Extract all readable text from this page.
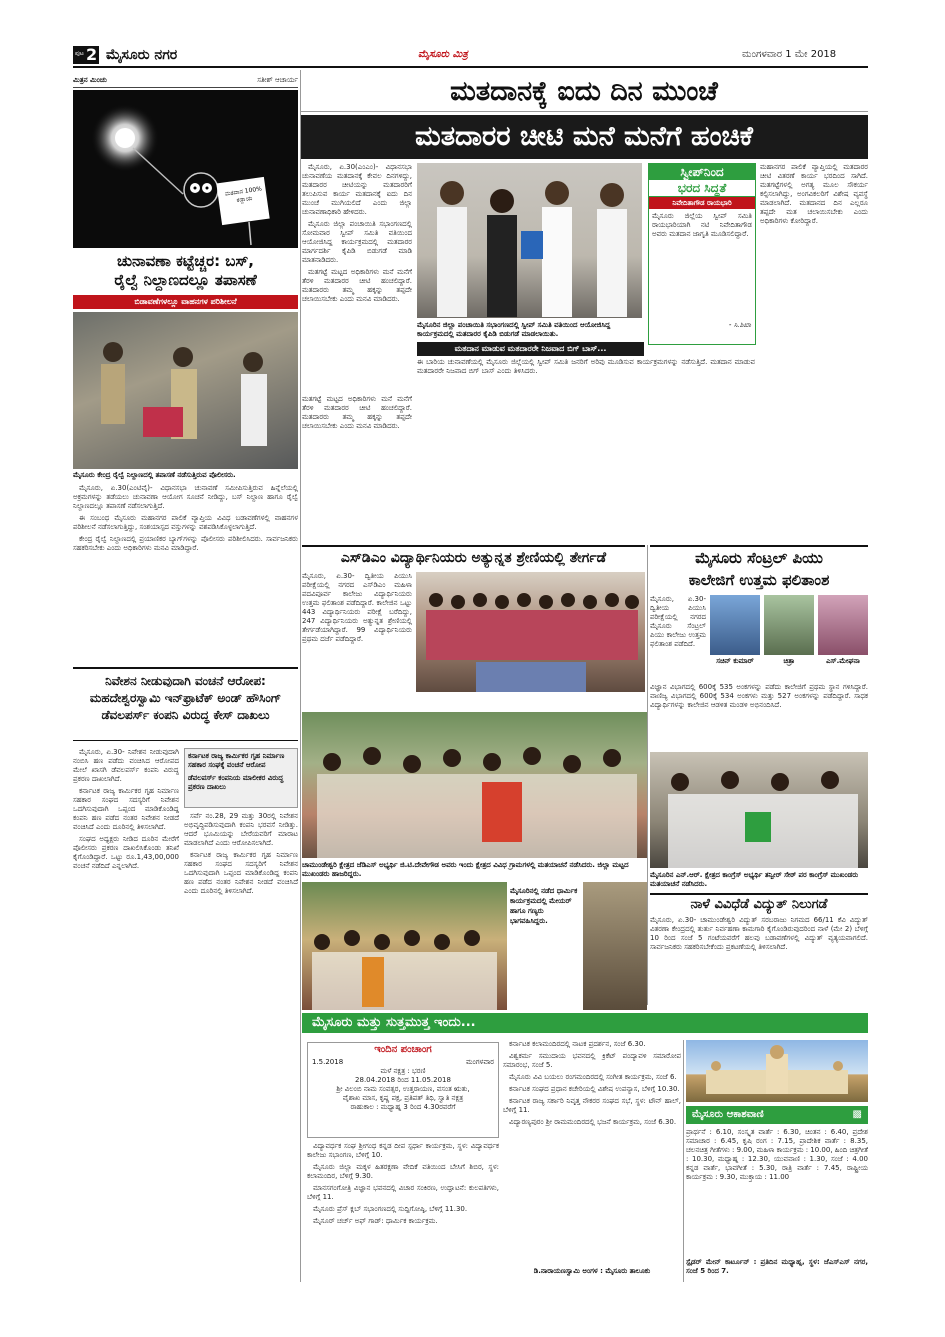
ಪುಟ 2 ಮೈಸೂರು ನಗರ	ಮೈಸೂರು ಮಿತ್ರ	ಮಂಗಳವಾರ 1 ಮೇ 2018
ಮಿತ್ರನ ಮಿಂಚು	ಸತೀಶ್ ಆಚಾರ್ಯ
ಮತದಾನ 100% ಕಡ್ಡಾಯ
ಚುನಾವಣಾ ಕಟ್ಟೆಚ್ಚರ: ಬಸ್,
ರೈಲ್ವೆ ನಿಲ್ದಾಣದಲ್ಲೂ ತಪಾಸಣೆ
ಬಿಡಾವಣೆಗಳಲ್ಲೂ ವಾಹನಗಳ ಪರಿಶೀಲನೆ
ಮೈಸೂರು ಕೇಂದ್ರ ರೈಲ್ವೆ ನಿಲ್ದಾಣದಲ್ಲಿ ತಪಾಸಣೆ ನಡೆಸುತ್ತಿರುವ ಪೊಲೀಸರು.

ಮೈಸೂರು, ಏ.30(ಎಂಟಿವೈ)- ವಿಧಾನಸಭಾ ಚುನಾವಣೆ ಸಮೀಪಿಸುತ್ತಿರುವ ಹಿನ್ನೆಲೆಯಲ್ಲಿ ಅಕ್ರಮಗಳನ್ನು ತಡೆಯಲು ಚುನಾವಣಾ ಆಯೋಗ ಸೂಚನೆ ನೀಡಿದ್ದು, ಬಸ್ ನಿಲ್ದಾಣ ಹಾಗೂ ರೈಲ್ವೆ ನಿಲ್ದಾಣದಲ್ಲೂ ತಪಾಸಣೆ ನಡೆಸಲಾಗುತ್ತಿದೆ.

ಈ ಸಂಬಂಧ ಮೈಸೂರು ಮಹಾನಗರ ಪಾಲಿಕೆ ವ್ಯಾಪ್ತಿಯ ವಿವಿಧ ಬಡಾವಣೆಗಳಲ್ಲಿ ವಾಹನಗಳ ಪರಿಶೀಲನೆ ನಡೆಸಲಾಗುತ್ತಿದ್ದು, ಸಂಶಯಾಸ್ಪದ ವಸ್ತುಗಳನ್ನು ವಶಪಡಿಸಿಕೊಳ್ಳಲಾಗುತ್ತಿದೆ.

ಕೇಂದ್ರ ರೈಲ್ವೆ ನಿಲ್ದಾಣದಲ್ಲಿ ಪ್ರಯಾಣಿಕರ ಬ್ಯಾಗ್‌ಗಳನ್ನು ಪೊಲೀಸರು ಪರಿಶೀಲಿಸಿದರು. ಸಾರ್ವಜನಿಕರು ಸಹಕರಿಸಬೇಕು ಎಂದು ಅಧಿಕಾರಿಗಳು ಮನವಿ ಮಾಡಿದ್ದಾರೆ.

ಮತದಾನಕ್ಕೆ ಐದು ದಿನ ಮುಂಚೆ
ಮತದಾರರ ಚೀಟಿ ಮನೆ ಮನೆಗೆ ಹಂಚಿಕೆ

ಮೈಸೂರು, ಏ.30(ಎಂಎಂ)- ವಿಧಾನಸಭಾ ಚುನಾವಣೆಯ ಮತದಾನಕ್ಕೆ ಕೇವಲ ದಿನಗಳಿದ್ದು, ಮತದಾರರ ಚೀಟಿಯನ್ನು ಮತದಾರರಿಗೆ ತಲುಪಿಸುವ ಕಾರ್ಯ ಮತದಾನಕ್ಕೆ ಐದು ದಿನ ಮುಂಚೆ ಮುಗಿಯಲಿದೆ ಎಂದು ಜಿಲ್ಲಾ ಚುನಾವಣಾಧಿಕಾರಿ ಹೇಳಿದರು.

ಮೈಸೂರು ಜಿಲ್ಲಾ ಪಂಚಾಯಿತಿ ಸಭಾಂಗಣದಲ್ಲಿ ಸೋಮವಾರ ಸ್ವೀಪ್ ಸಮಿತಿ ವತಿಯಿಂದ ಆಯೋಜಿಸಿದ್ದ ಕಾರ್ಯಕ್ರಮದಲ್ಲಿ ಮತದಾರರ ಮಾರ್ಗದರ್ಶಿ ಕೈಪಿಡಿ ಬಿಡುಗಡೆ ಮಾಡಿ ಮಾತನಾಡಿದರು.

ಮತಗಟ್ಟೆ ಮಟ್ಟದ ಅಧಿಕಾರಿಗಳು ಮನೆ ಮನೆಗೆ ತೆರಳಿ ಮತದಾರರ ಚೀಟಿ ಹಂಚಲಿದ್ದಾರೆ. ಮತದಾರರು ತಮ್ಮ ಹಕ್ಕನ್ನು ತಪ್ಪದೇ ಚಲಾಯಿಸಬೇಕು ಎಂದು ಮನವಿ ಮಾಡಿದರು.

ಮೈಸೂರಿನ ಜಿಲ್ಲಾ ಪಂಚಾಯಿತಿ ಸಭಾಂಗಣದಲ್ಲಿ ಸ್ವೀಪ್ ಸಮಿತಿ ವತಿಯಿಂದ ಆಯೋಜಿಸಿದ್ದ ಕಾರ್ಯಕ್ರಮದಲ್ಲಿ ಮತದಾರರ ಕೈಪಿಡಿ ಬಿಡುಗಡೆ ಮಾಡಲಾಯಿತು.
ಸ್ವೀಪ್‌ನಿಂದ
ಭರದ ಸಿದ್ಧತೆ
ನಿವೇದಿತಾಗೌಡ ರಾಯಭಾರಿ
ಮೈಸೂರು ಜಿಲ್ಲೆಯ ಸ್ವೀಪ್ ಸಮಿತಿ ರಾಯಭಾರಿಯಾಗಿ ನಟಿ ನಿವೇದಿತಾಗೌಡ ಅವರು ಮತದಾನ ಜಾಗೃತಿ ಮೂಡಿಸಲಿದ್ದಾರೆ.
- ಸಿ.ಶಿಖಾ
ಮಹಾನಗರ ಪಾಲಿಕೆ ವ್ಯಾಪ್ತಿಯಲ್ಲಿ ಮತದಾರರ ಚೀಟಿ ವಿತರಣೆ ಕಾರ್ಯ ಭರದಿಂದ ಸಾಗಿದೆ. ಮತಗಟ್ಟೆಗಳಲ್ಲಿ ಅಗತ್ಯ ಮೂಲ ಸೌಕರ್ಯ ಕಲ್ಪಿಸಲಾಗಿದ್ದು, ಅಂಗವಿಕಲರಿಗೆ ವಿಶೇಷ ವ್ಯವಸ್ಥೆ ಮಾಡಲಾಗಿದೆ. ಮತದಾನದ ದಿನ ಎಲ್ಲರೂ ತಪ್ಪದೇ ಮತ ಚಲಾಯಿಸಬೇಕು ಎಂದು ಅಧಿಕಾರಿಗಳು ಕೋರಿದ್ದಾರೆ.
ಮತದಾನ ಮಾಡುವ ಮತದಾರರೇ ನಿಜವಾದ ಬಿಗ್ ಬಾಸ್...
ಈ ಬಾರಿಯ ಚುನಾವಣೆಯಲ್ಲಿ ಮೈಸೂರು ಜಿಲ್ಲೆಯಲ್ಲಿ ಸ್ವೀಪ್ ಸಮಿತಿ ಜನರಿಗೆ ಅರಿವು ಮೂಡಿಸುವ ಕಾರ್ಯಕ್ರಮಗಳನ್ನು ನಡೆಸುತ್ತಿದೆ. ಮತದಾನ ಮಾಡುವ ಮತದಾರರೇ ನಿಜವಾದ ಬಿಗ್ ಬಾಸ್ ಎಂದು ತಿಳಿಸಿದರು.
ಮತಗಟ್ಟೆ ಮಟ್ಟದ ಅಧಿಕಾರಿಗಳು ಮನೆ ಮನೆಗೆ ತೆರಳಿ ಮತದಾರರ ಚೀಟಿ ಹಂಚಲಿದ್ದಾರೆ. ಮತದಾರರು ತಮ್ಮ ಹಕ್ಕನ್ನು ತಪ್ಪದೇ ಚಲಾಯಿಸಬೇಕು ಎಂದು ಮನವಿ ಮಾಡಿದರು.
ಎಸ್‌ಡಿಎಂ ವಿದ್ಯಾರ್ಥಿನಿಯರು ಅತ್ಯುನ್ನತ ಶ್ರೇಣಿಯಲ್ಲಿ ತೇರ್ಗಡೆ
ಮೈಸೂರು, ಏ.30- ದ್ವಿತೀಯ ಪಿಯುಸಿ ಪರೀಕ್ಷೆಯಲ್ಲಿ ನಗರದ ಎಸ್‌ಡಿಎಂ ಮಹಿಳಾ ಪದವಿಪೂರ್ವ ಕಾಲೇಜು ವಿದ್ಯಾರ್ಥಿನಿಯರು ಉತ್ತಮ ಫಲಿತಾಂಶ ಪಡೆದಿದ್ದಾರೆ. ಕಾಲೇಜಿನ ಒಟ್ಟು 443 ವಿದ್ಯಾರ್ಥಿನಿಯರು ಪರೀಕ್ಷೆ ಬರೆದಿದ್ದು, 247 ವಿದ್ಯಾರ್ಥಿನಿಯರು ಅತ್ಯುನ್ನತ ಶ್ರೇಣಿಯಲ್ಲಿ ತೇರ್ಗಡೆಯಾಗಿದ್ದಾರೆ. 99 ವಿದ್ಯಾರ್ಥಿನಿಯರು ಪ್ರಥಮ ದರ್ಜೆ ಪಡೆದಿದ್ದಾರೆ.
ಮೈಸೂರು ಸೆಂಟ್ರಲ್ ಪಿಯು
ಕಾಲೇಜಿಗೆ ಉತ್ತಮ ಫಲಿತಾಂಶ
ಮೈಸೂರು, ಏ.30- ದ್ವಿತೀಯ ಪಿಯುಸಿ ಪರೀಕ್ಷೆಯಲ್ಲಿ ನಗರದ ಮೈಸೂರು ಸೆಂಟ್ರಲ್ ಪಿಯು ಕಾಲೇಜು ಉತ್ತಮ ಫಲಿತಾಂಶ ಪಡೆದಿದೆ.
ಸಚಿನ್ ಕುಮಾರ್	ಚಿತ್ರಾ	ಎಸ್.ಮೇಘನಾ
ವಿಜ್ಞಾನ ವಿಭಾಗದಲ್ಲಿ 600ಕ್ಕೆ 535 ಅಂಕಗಳನ್ನು ಪಡೆದು ಕಾಲೇಜಿಗೆ ಪ್ರಥಮ ಸ್ಥಾನ ಗಳಿಸಿದ್ದಾರೆ. ವಾಣಿಜ್ಯ ವಿಭಾಗದಲ್ಲಿ 600ಕ್ಕೆ 534 ಅಂಕಗಳು ಮತ್ತು 527 ಅಂಕಗಳನ್ನು ಪಡೆದಿದ್ದಾರೆ. ಸಾಧಕ ವಿದ್ಯಾರ್ಥಿಗಳನ್ನು ಕಾಲೇಜಿನ ಆಡಳಿತ ಮಂಡಳಿ ಅಭಿನಂದಿಸಿದೆ.
ನಿವೇಶನ ನೀಡುವುದಾಗಿ ವಂಚನೆ ಆರೋಪ:
ಮಹದೇಶ್ವರಸ್ವಾಮಿ ಇನ್‌ಫ್ರಾಟೆಕ್ ಅಂಡ್ ಹೌಸಿಂಗ್
ಡೆವಲಪರ್ಸ್ ಕಂಪನಿ ವಿರುದ್ಧ ಕೇಸ್ ದಾಖಲು

ಮೈಸೂರು, ಏ.30- ನಿವೇಶನ ನೀಡುವುದಾಗಿ ನಂಬಿಸಿ ಹಣ ಪಡೆದು ವಂಚಿಸಿದ ಆರೋಪದ ಮೇಲೆ ಖಾಸಗಿ ಡೆವಲಪರ್ಸ್ ಕಂಪನಿ ವಿರುದ್ಧ ಪ್ರಕರಣ ದಾಖಲಾಗಿದೆ.

ಕರ್ನಾಟಕ ರಾಜ್ಯ ಕಾರ್ಮಿಕರ ಗೃಹ ನಿರ್ಮಾಣ ಸಹಕಾರ ಸಂಘದ ಸದಸ್ಯರಿಗೆ ನಿವೇಶನ ಒದಗಿಸುವುದಾಗಿ ಒಪ್ಪಂದ ಮಾಡಿಕೊಂಡಿದ್ದ ಕಂಪನಿ ಹಣ ಪಡೆದ ನಂತರ ನಿವೇಶನ ನೀಡದೆ ವಂಚಿಸಿದೆ ಎಂದು ದೂರಿನಲ್ಲಿ ತಿಳಿಸಲಾಗಿದೆ.

ಸಂಘದ ಅಧ್ಯಕ್ಷರು ನೀಡಿದ ದೂರಿನ ಮೇರೆಗೆ ಪೊಲೀಸರು ಪ್ರಕರಣ ದಾಖಲಿಸಿಕೊಂಡು ತನಿಖೆ ಕೈಗೊಂಡಿದ್ದಾರೆ. ಒಟ್ಟು ರೂ.1,43,00,000 ವಂಚನೆ ನಡೆದಿದೆ ಎನ್ನಲಾಗಿದೆ.

ಕರ್ನಾಟಕ ರಾಜ್ಯ ಕಾರ್ಮಿಕರ ಗೃಹ ನಿರ್ಮಾಣ ಸಹಕಾರ ಸಂಘಕ್ಕೆ ವಂಚನೆ ಆರೋಪ
ಡೆವಲಪರ್ಸ್ ಕಂಪನಿಯ ಮಾಲೀಕರ ವಿರುದ್ಧ ಪ್ರಕರಣ ದಾಖಲು

ಸರ್ವೆ ನಂ.28, 29 ಮತ್ತು 30ರಲ್ಲಿ ನಿವೇಶನ ಅಭಿವೃದ್ಧಿಪಡಿಸುವುದಾಗಿ ಕಂಪನಿ ಭರವಸೆ ನೀಡಿತ್ತು. ಆದರೆ ಭೂಮಿಯನ್ನು ಬೇರೆಯವರಿಗೆ ಮಾರಾಟ ಮಾಡಲಾಗಿದೆ ಎಂದು ಆರೋಪಿಸಲಾಗಿದೆ.

ಕರ್ನಾಟಕ ರಾಜ್ಯ ಕಾರ್ಮಿಕರ ಗೃಹ ನಿರ್ಮಾಣ ಸಹಕಾರ ಸಂಘದ ಸದಸ್ಯರಿಗೆ ನಿವೇಶನ ಒದಗಿಸುವುದಾಗಿ ಒಪ್ಪಂದ ಮಾಡಿಕೊಂಡಿದ್ದ ಕಂಪನಿ ಹಣ ಪಡೆದ ನಂತರ ನಿವೇಶನ ನೀಡದೆ ವಂಚಿಸಿದೆ ಎಂದು ದೂರಿನಲ್ಲಿ ತಿಳಿಸಲಾಗಿದೆ.

ಚಾಮುಂಡೇಶ್ವರಿ ಕ್ಷೇತ್ರದ ಜೆಡಿಎಸ್ ಅಭ್ಯರ್ಥಿ ಜಿ.ಟಿ.ದೇವೇಗೌಡ ಅವರು ಇಂದು ಕ್ಷೇತ್ರದ ವಿವಿಧ ಗ್ರಾಮಗಳಲ್ಲಿ ಮತಯಾಚನೆ ನಡೆಸಿದರು. ಜಿಲ್ಲಾ ಮಟ್ಟದ ಮುಖಂಡರು ಹಾಜರಿದ್ದರು.	ಮೈಸೂರಿನ ಎನ್.ಆರ್. ಕ್ಷೇತ್ರದ ಕಾಂಗ್ರೆಸ್ ಅಭ್ಯರ್ಥಿ ತನ್ವೀರ್ ಸೇಠ್ ಪರ ಕಾಂಗ್ರೆಸ್ ಮುಖಂಡರು ಮತಯಾಚನೆ ನಡೆಸಿದರು.
ನಾಳೆ ವಿವಿಧೆಡೆ ವಿದ್ಯುತ್ ನಿಲುಗಡೆ
ಮೈಸೂರು, ಏ.30- ಚಾಮುಂಡೇಶ್ವರಿ ವಿದ್ಯುತ್ ಸರಬರಾಜು ನಿಗಮದ 66/11 ಕೆವಿ ವಿದ್ಯುತ್ ವಿತರಣಾ ಕೇಂದ್ರದಲ್ಲಿ ತುರ್ತು ನಿರ್ವಹಣಾ ಕಾಮಗಾರಿ ಕೈಗೊಂಡಿರುವುದರಿಂದ ನಾಳೆ (ಮೇ 2) ಬೆಳಿಗ್ಗೆ 10 ರಿಂದ ಸಂಜೆ 5 ಗಂಟೆಯವರೆಗೆ ಹಲವು ಬಡಾವಣೆಗಳಲ್ಲಿ ವಿದ್ಯುತ್ ವ್ಯತ್ಯಯವಾಗಲಿದೆ. ಸಾರ್ವಜನಿಕರು ಸಹಕರಿಸಬೇಕೆಂದು ಪ್ರಕಟಣೆಯಲ್ಲಿ ತಿಳಿಸಲಾಗಿದೆ.
ಮೈಸೂರಿನಲ್ಲಿ ನಡೆದ ಧಾರ್ಮಿಕ ಕಾರ್ಯಕ್ರಮದಲ್ಲಿ ಮೇಯರ್ ಹಾಗೂ ಗಣ್ಯರು ಭಾಗವಹಿಸಿದ್ದರು.
ಮೈಸೂರು ಮತ್ತು ಸುತ್ತಮುತ್ತ ಇಂದು...
ಇಂದಿನ ಪಂಚಾಂಗ
1.5.2018	ಮಂಗಳವಾರ
ಮಳೆ ನಕ್ಷತ್ರ : ಭರಣಿ
28.04.2018 ರಿಂದ 11.05.2018
ಶ್ರೀ ವಿಲಂಬಿ ನಾಮ ಸಂವತ್ಸರ, ಉತ್ತರಾಯಣ, ವಸಂತ ಋತು,
ವೈಶಾಖ ಮಾಸ, ಕೃಷ್ಣ ಪಕ್ಷ, ಪ್ರತಿಪತ್ ತಿಥಿ, ಸ್ವಾತಿ ನಕ್ಷತ್ರ
ರಾಹುಕಾಲ : ಮಧ್ಯಾಹ್ನ 3 ರಿಂದ 4.30ರವರೆಗೆ

ವಿದ್ಯಾವರ್ಧಕ ಸಂಘ ಶ್ರೀಗಂಧ ಕನ್ನಡ ದೀಪ ಸ್ಪರ್ಧಾ ಕಾರ್ಯಕ್ರಮ, ಸ್ಥಳ: ವಿದ್ಯಾವರ್ಧಕ ಕಾಲೇಜು ಸಭಾಂಗಣ, ಬೆಳಿಗ್ಗೆ 10.

ಮೈಸೂರು ಜಿಲ್ಲಾ ಮಕ್ಕಳ ಹಿತರಕ್ಷಣಾ ವೇದಿಕೆ ವತಿಯಿಂದ ಬೇಸಿಗೆ ಶಿಬಿರ, ಸ್ಥಳ: ಕಲಾಮಂದಿರ, ಬೆಳಿಗ್ಗೆ 9.30.

ಮಾನಸಗಂಗೋತ್ರಿ ವಿಜ್ಞಾನ ಭವನದಲ್ಲಿ ವಿಚಾರ ಸಂಕಿರಣ, ಉದ್ಘಾಟನೆ: ಕುಲಪತಿಗಳು, ಬೆಳಿಗ್ಗೆ 11.

ಮೈಸೂರು ಪ್ರೆಸ್ ಕ್ಲಬ್ ಸಭಾಂಗಣದಲ್ಲಿ ಸುದ್ದಿಗೋಷ್ಠಿ, ಬೆಳಿಗ್ಗೆ 11.30.

ಮೈಸೂರ್ ಚರ್ಚ್ ಅಫ್ ಗಾಡ್: ಧಾರ್ಮಿಕ ಕಾರ್ಯಕ್ರಮ.

ಕರ್ನಾಟಕ ಕಲಾಮಂದಿರದಲ್ಲಿ ನಾಟಕ ಪ್ರದರ್ಶನ, ಸಂಜೆ 6.30.

ವಿಶ್ವಕರ್ಮ ಸಮುದಾಯ ಭವನದಲ್ಲಿ ಕ್ರಿಕೆಟ್ ಪಂದ್ಯಾವಳಿ ಸಮಾರೋಪ ಸಮಾರಂಭ, ಸಂಜೆ 5.

ಮೈಸೂರು ವಿವಿ ಬಯಲು ರಂಗಮಂದಿರದಲ್ಲಿ ಸಂಗೀತ ಕಾರ್ಯಕ್ರಮ, ಸಂಜೆ 6.

ಕರ್ನಾಟಕ ಸಂಘದ ಪ್ರಧಾನ ಕಚೇರಿಯಲ್ಲಿ ವಿಶೇಷ ಉಪನ್ಯಾಸ, ಬೆಳಿಗ್ಗೆ 10.30.

ಕರ್ನಾಟಕ ರಾಜ್ಯ ಸರ್ಕಾರಿ ನಿವೃತ್ತ ನೌಕರರ ಸಂಘದ ಸಭೆ, ಸ್ಥಳ: ಟೌನ್ ಹಾಲ್, ಬೆಳಿಗ್ಗೆ 11.

ವಿದ್ಯಾರಣ್ಯಪುರಂ ಶ್ರೀ ರಾಮಮಂದಿರದಲ್ಲಿ ಭಜನೆ ಕಾರ್ಯಕ್ರಮ, ಸಂಜೆ 6.30.

ಡಿ.ನಾರಾಯಣಸ್ವಾಮಿ ಅಂಗಳ : ಮೈಸೂರು ತಾಲೂಕು
ಮೈಸೂರು ಆಕಾಶವಾಣಿ	▩
ಪ್ರಾರ್ಥನೆ : 6.10, ಸಂಸ್ಕೃತ ವಾರ್ತೆ : 6.30, ಚಿಂತನ : 6.40, ಪ್ರದೇಶ ಸಮಾಚಾರ : 6.45, ಕೃಷಿ ರಂಗ : 7.15, ಪ್ರಾದೇಶಿಕ ವಾರ್ತೆ : 8.35, ಚಲನಚಿತ್ರ ಗೀತೆಗಳು : 9.00, ಮಹಿಳಾ ಕಾರ್ಯಕ್ರಮ : 10.00, ಹಿಂದಿ ಚಿತ್ರಗೀತೆ : 10.30, ಮಧ್ಯಾಹ್ನ : 12.30, ಯುವವಾಣಿ : 1.30, ಸಂಜೆ : 4.00 ಕನ್ನಡ ವಾರ್ತೆ, ಭಾವಗೀತೆ : 5.30, ರಾತ್ರಿ ವಾರ್ತೆ : 7.45, ರಾಷ್ಟ್ರೀಯ ಕಾರ್ಯಕ್ರಮ : 9.30, ಮುಕ್ತಾಯ : 11.00
ಸ್ಪೈಡರ್ ಮೇನ್ ಕಾರ್ಟೂನ್ : ಪ್ರತಿದಿನ ಮಧ್ಯಾಹ್ನ, ಸ್ಥಳ: ಜೆಎಸ್‌ಎಸ್ ನಗರ, ಸಂಜೆ 5 ರಿಂದ 7.
